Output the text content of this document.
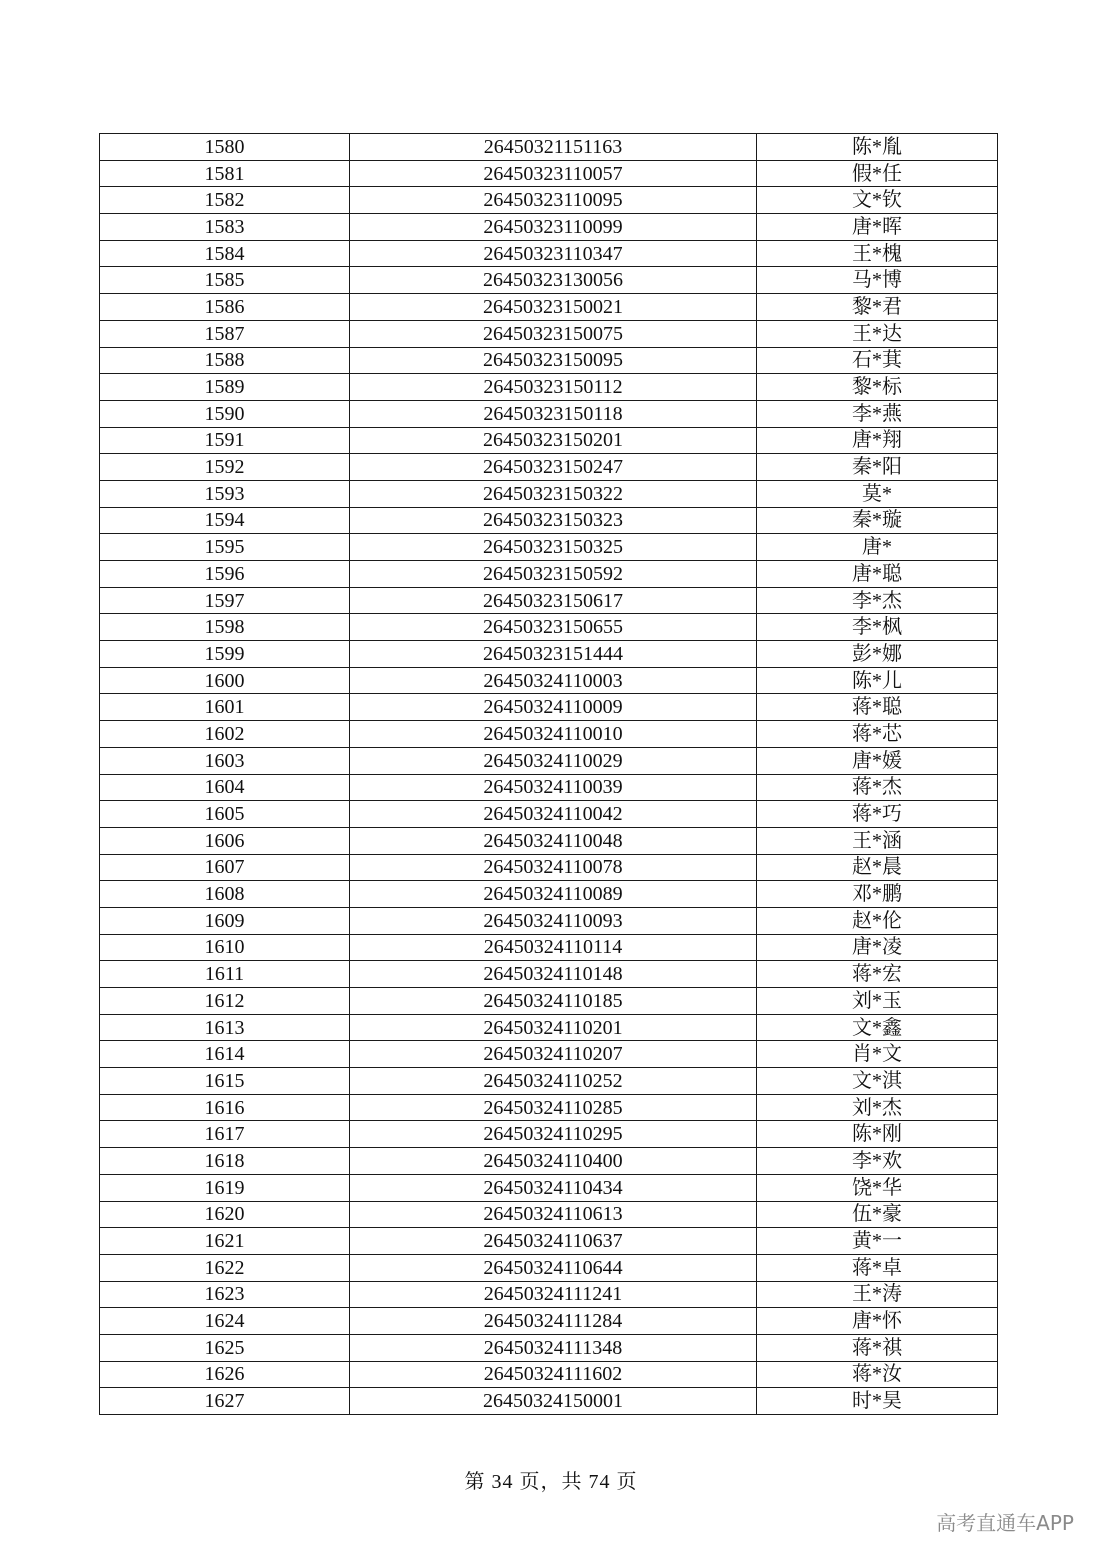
1580	26450321151163	陈*胤
1581	26450323110057	假*任
1582	26450323110095	文*钦
1583	26450323110099	唐*晖
1584	26450323110347	王*槐
1585	26450323130056	马*博
1586	26450323150021	黎*君
1587	26450323150075	王*达
1588	26450323150095	石*萁
1589	26450323150112	黎*标
1590	26450323150118	李*燕
1591	26450323150201	唐*翔
1592	26450323150247	秦*阳
1593	26450323150322	莫*
1594	26450323150323	秦*璇
1595	26450323150325	唐*
1596	26450323150592	唐*聪
1597	26450323150617	李*杰
1598	26450323150655	李*枫
1599	26450323151444	彭*娜
1600	26450324110003	陈*儿
1601	26450324110009	蒋*聪
1602	26450324110010	蒋*芯
1603	26450324110029	唐*媛
1604	26450324110039	蒋*杰
1605	26450324110042	蒋*巧
1606	26450324110048	王*涵
1607	26450324110078	赵*晨
1608	26450324110089	邓*鹏
1609	26450324110093	赵*伦
1610	26450324110114	唐*凌
1611	26450324110148	蒋*宏
1612	26450324110185	刘*玉
1613	26450324110201	文*鑫
1614	26450324110207	肖*文
1615	26450324110252	文*淇
1616	26450324110285	刘*杰
1617	26450324110295	陈*刚
1618	26450324110400	李*欢
1619	26450324110434	饶*华
1620	26450324110613	伍*豪
1621	26450324110637	黄*一
1622	26450324110644	蒋*卓
1623	26450324111241	王*涛
1624	26450324111284	唐*怀
1625	26450324111348	蒋*祺
1626	26450324111602	蒋*汝
1627	26450324150001	时*昊
第 34 页，共 74 页
高考直通车APP
